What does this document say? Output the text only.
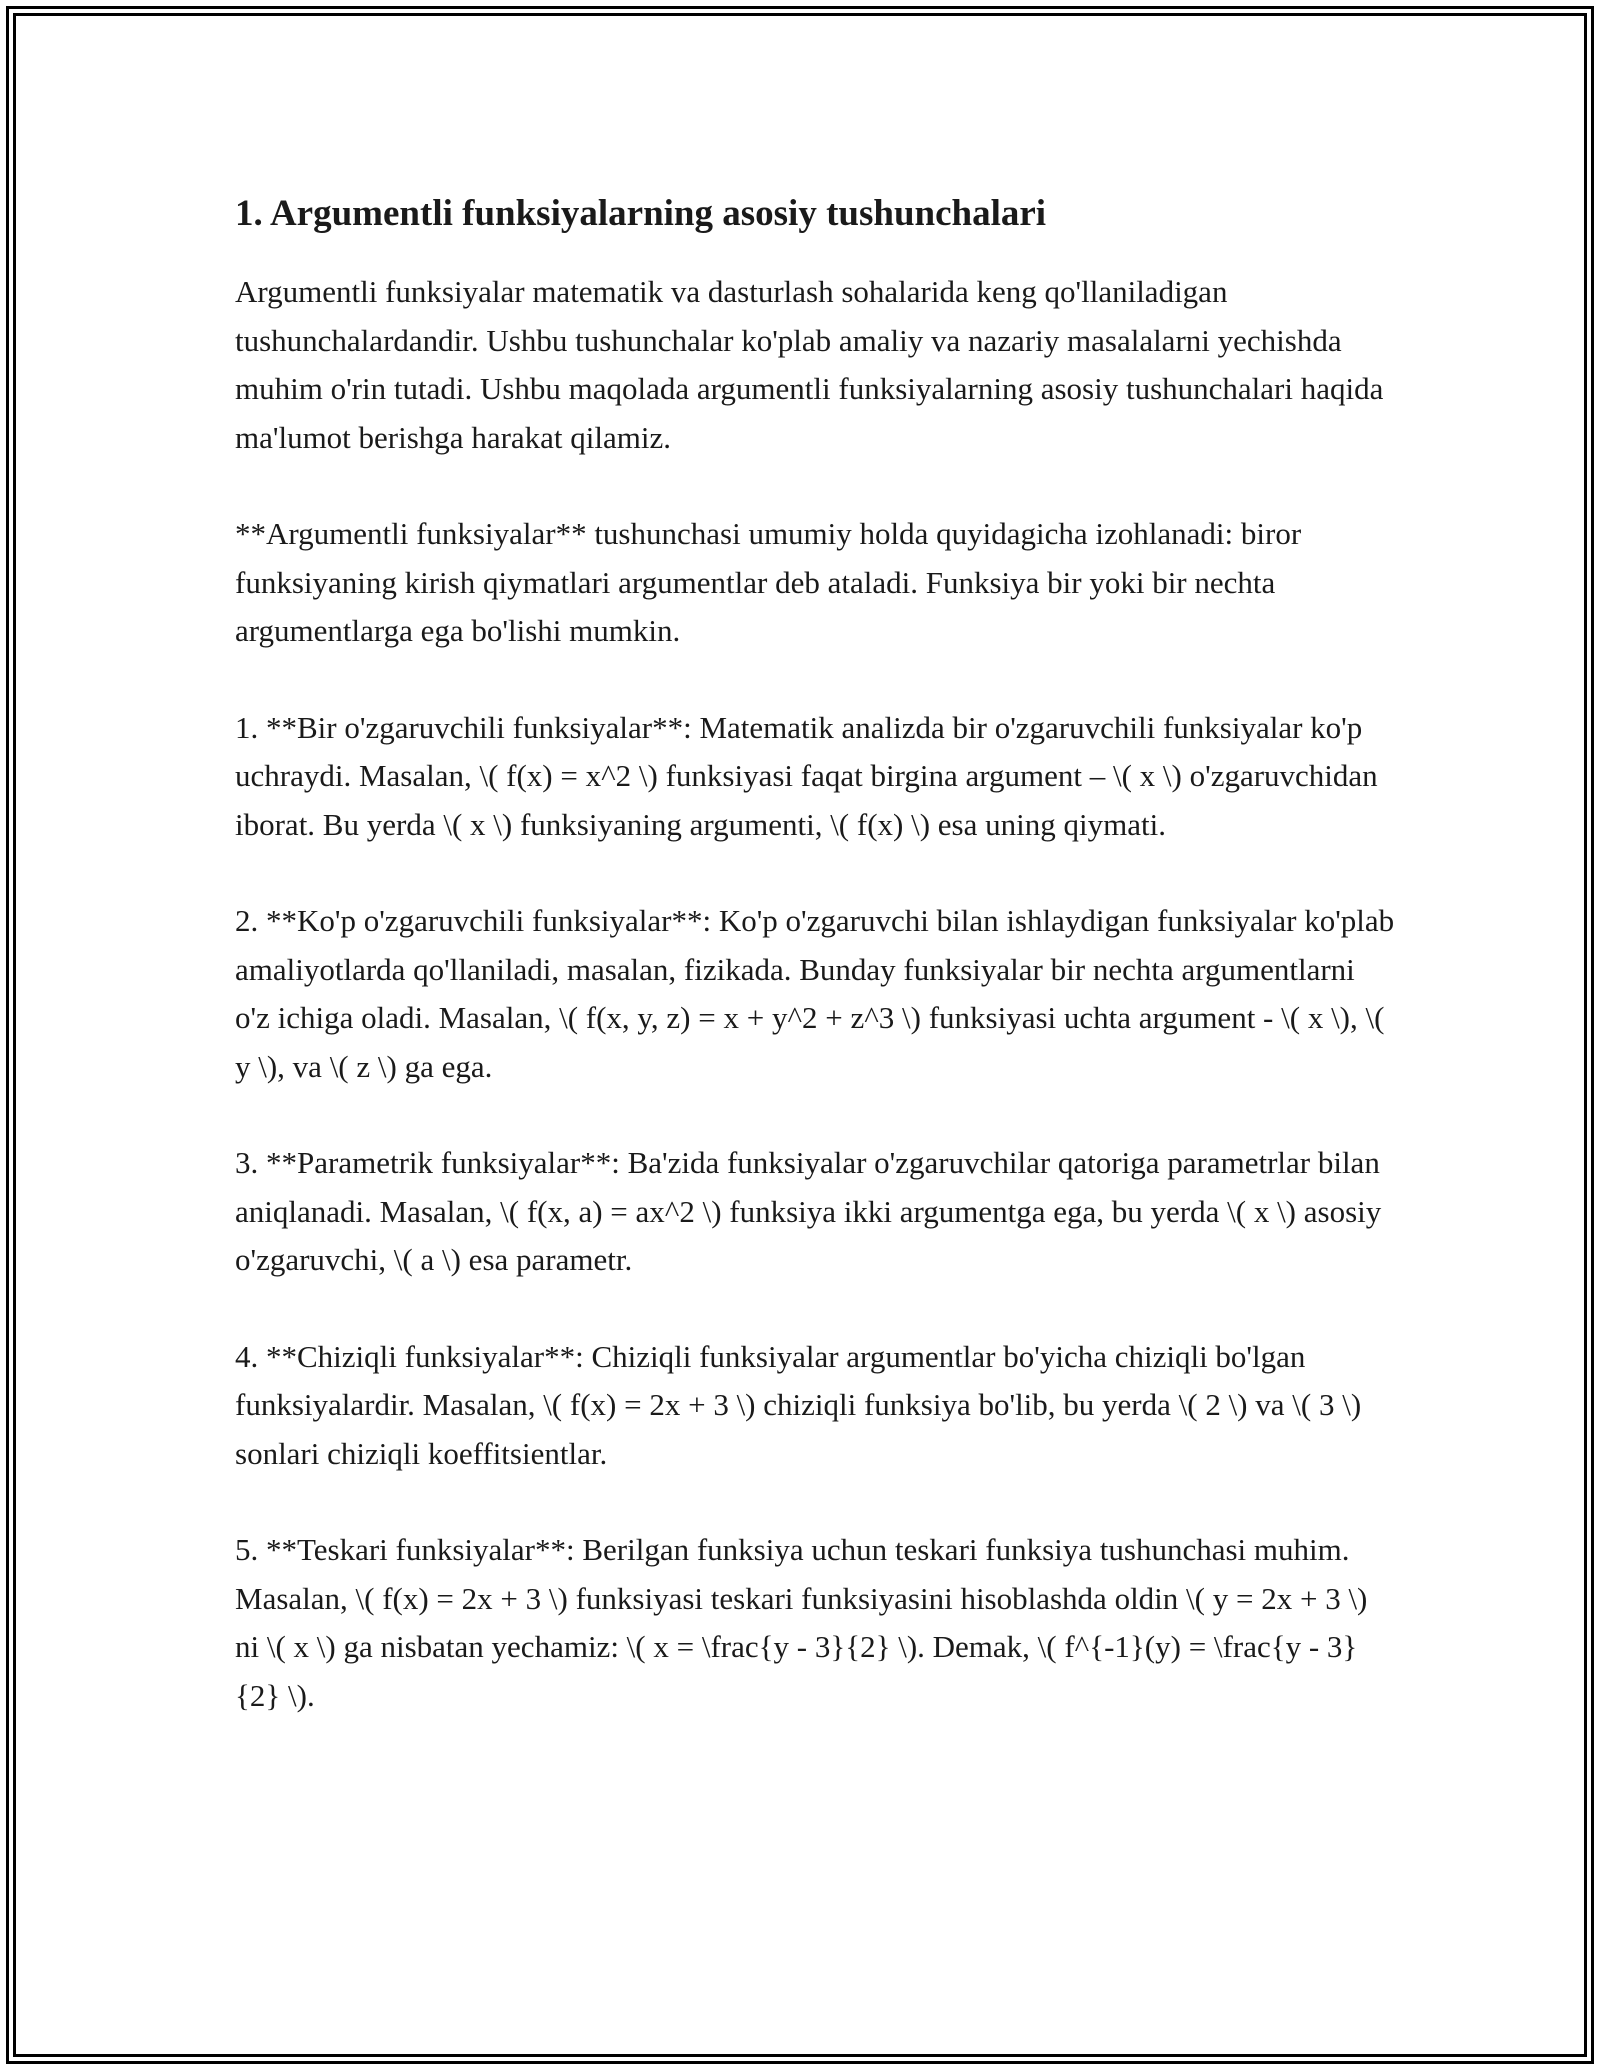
1. Argumentli funksiyalarning asosiy tushunchalari

Argumentli funksiyalar matematik va dasturlash sohalarida keng qo'llaniladigan tushunchalardandir. Ushbu tushunchalar ko'plab amaliy va nazariy masalalarni yechishda muhim o'rin tutadi. Ushbu maqolada argumentli funksiyalarning asosiy tushunchalari haqida ma'lumot berishga harakat qilamiz.

**Argumentli funksiyalar** tushunchasi umumiy holda quyidagicha izohlanadi: biror funksiyaning kirish qiymatlari argumentlar deb ataladi. Funksiya bir yoki bir nechta argumentlarga ega bo'lishi mumkin.

1. **Bir o'zgaruvchili funksiyalar**: Matematik analizda bir o'zgaruvchili funksiyalar ko'p uchraydi. Masalan, \( f(x) = x^2 \) funksiyasi faqat birgina argument – \( x \) o'zgaruvchidan iborat. Bu yerda \( x \) funksiyaning argumenti, \( f(x) \) esa uning qiymati.

2. **Ko'p o'zgaruvchili funksiyalar**: Ko'p o'zgaruvchi bilan ishlaydigan funksiyalar ko'plab amaliyotlarda qo'llaniladi, masalan, fizikada. Bunday funksiyalar bir nechta argumentlarni o'z ichiga oladi. Masalan, \( f(x, y, z) = x + y^2 + z^3 \) funksiyasi uchta argument - \( x \), \( y \), va \( z \) ga ega.

3. **Parametrik funksiyalar**: Ba'zida funksiyalar o'zgaruvchilar qatoriga parametrlar bilan aniqlanadi. Masalan, \( f(x, a) = ax^2 \) funksiya ikki argumentga ega, bu yerda \( x \) asosiy o'zgaruvchi, \( a \) esa parametr.

4. **Chiziqli funksiyalar**: Chiziqli funksiyalar argumentlar bo'yicha chiziqli bo'lgan funksiyalardir. Masalan, \( f(x) = 2x + 3 \) chiziqli funksiya bo'lib, bu yerda \( 2 \) va \( 3 \) sonlari chiziqli koeffitsientlar.

5. **Teskari funksiyalar**: Berilgan funksiya uchun teskari funksiya tushunchasi muhim. Masalan, \( f(x) = 2x + 3 \) funksiyasi teskari funksiyasini hisoblashda oldin \( y = 2x + 3 \) ni \( x \) ga nisbatan yechamiz: \( x = \frac{y - 3}{2} \). Demak, \( f^{-1}(y) = \frac{y - 3}{2} \).
